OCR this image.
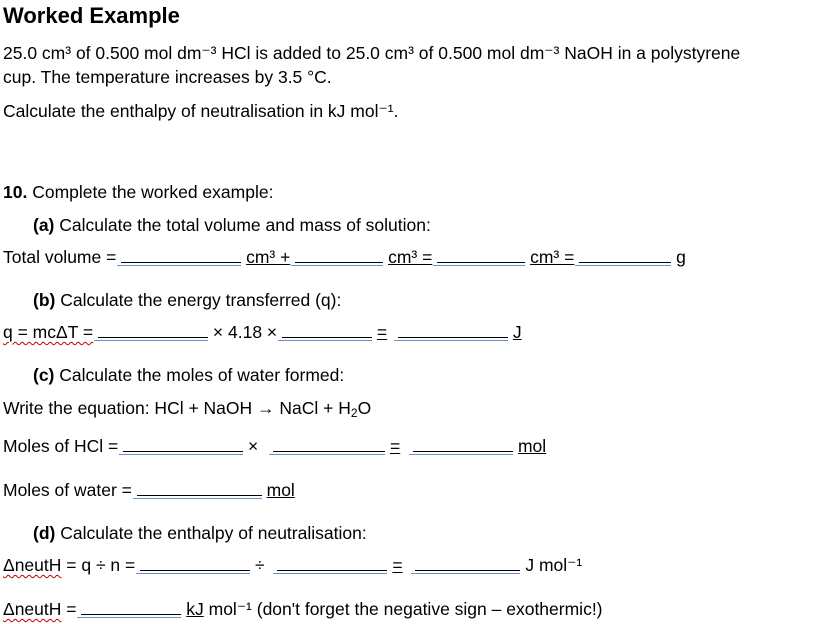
Worked Example
25.0 cm³ of 0.500 mol dm⁻³ HCl is added to 25.0 cm³ of 0.500 mol dm⁻³ NaOH in a polystyrene
cup. The temperature increases by 3.5 °C.
Calculate the enthalpy of neutralisation in kJ mol⁻¹.
10. Complete the worked example:
(a) Calculate the total volume and mass of solution:
Total volume =	cm³ +	cm³ =	cm³ =	g
(b) Calculate the energy transferred (q):
q = mcΔT =	× 4.18 ×	=	J
(c) Calculate the moles of water formed:
Write the equation: HCl + NaOH → NaCl + $H_2O$
Moles of HCl =	×	=	mol
Moles of water =	mol
(d) Calculate the enthalpy of neutralisation:
ΔneutH = q ÷ n =	÷	=	J mol⁻¹
ΔneutH =	kJ mol⁻¹ (don't forget the negative sign – exothermic!)
